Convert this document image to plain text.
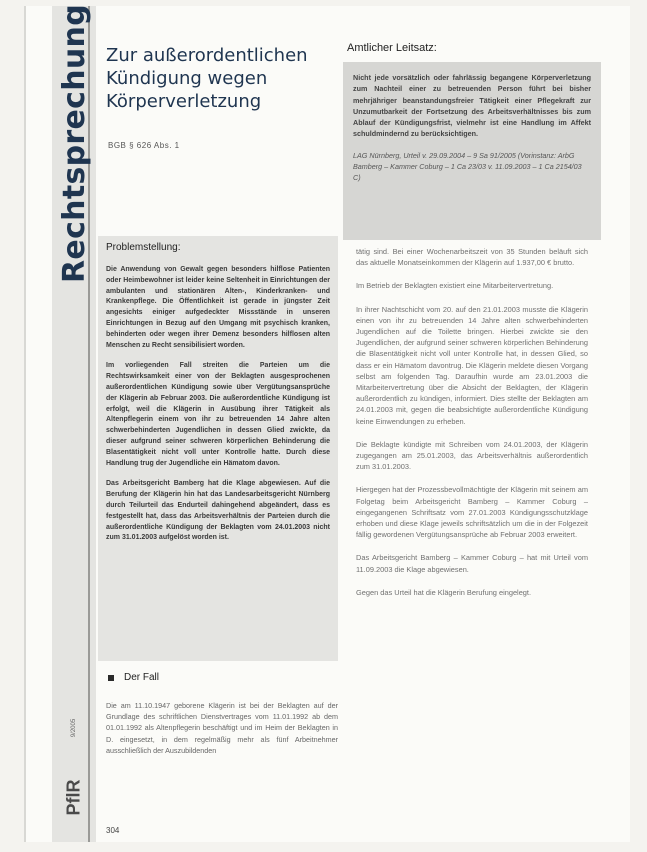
Rechtsprechung
9/2005
PflR
Zur außerordentlichen Kündigung wegen Körperverletzung
BGB § 626 Abs. 1
Amtlicher Leitsatz:

Nicht jede vorsätzlich oder fahrlässig begangene Körperverletzung zum Nachteil einer zu betreuenden Person führt bei bisher mehrjähriger beanstandungsfreier Tätigkeit einer Pflegekraft zur Unzumutbarkeit der Fortsetzung des Arbeitsverhältnisses bis zum Ablauf der Kündigungsfrist, vielmehr ist eine Handlung im Affekt schuldmindernd zu berücksichtigen.

LAG Nürnberg, Urteil v. 29.09.2004 – 9 Sa 91/2005 (Vorinstanz: ArbG Bamberg – Kammer Coburg – 1 Ca 23/03 v. 11.09.2003 – 1 Ca 2154/03 C)

Problemstellung:

Die Anwendung von Gewalt gegen besonders hilflose Patienten oder Heimbewohner ist leider keine Seltenheit in Einrichtungen der ambulanten und stationären Alten-, Kinderkranken- und Krankenpflege. Die Öffentlichkeit ist gerade in jüngster Zeit angesichts einiger aufgedeckter Missstände in unseren Einrichtungen in Bezug auf den Umgang mit psychisch kranken, behinderten oder wegen ihrer Demenz besonders hilflosen alten Menschen zu Recht sensibilisiert worden.

Im vorliegenden Fall streiten die Parteien um die Rechtswirksamkeit einer von der Beklagten ausgesprochenen außerordentlichen Kündigung sowie über Vergütungsansprüche der Klägerin ab Februar 2003. Die außerordentliche Kündigung ist erfolgt, weil die Klägerin in Ausübung ihrer Tätigkeit als Altenpflegerin einem von ihr zu betreuenden 14 Jahre alten schwerbehinderten Jugendlichen in dessen Glied zwickte, da dieser aufgrund seiner schweren körperlichen Behinderung die Blasentätigkeit nicht voll unter Kontrolle hatte. Durch diese Handlung trug der Jugendliche ein Hämatom davon.

Das Arbeitsgericht Bamberg hat die Klage abgewiesen. Auf die Berufung der Klägerin hin hat das Landesarbeitsgericht Nürnberg durch Teilurteil das Endurteil dahingehend abgeändert, dass es festgestellt hat, dass das Arbeitsverhältnis der Parteien durch die außerordentliche Kündigung der Beklagten vom 24.01.2003 nicht zum 31.01.2003 aufgelöst worden ist.

Der Fall

Die am 11.10.1947 geborene Klägerin ist bei der Beklagten auf der Grundlage des schriftlichen Dienstvertrages vom 11.01.1992 ab dem 01.01.1992 als Altenpflegerin beschäftigt und im Heim der Beklagten in D. eingesetzt, in dem regelmäßig mehr als fünf Arbeitnehmer ausschließlich der Auszubildenden

tätig sind. Bei einer Wochenarbeitszeit von 35 Stunden beläuft sich das aktuelle Monatseinkommen der Klägerin auf 1.937,00 € brutto.

Im Betrieb der Beklagten existiert eine Mitarbeitervertretung.

In ihrer Nachtschicht vom 20. auf den 21.01.2003 musste die Klägerin einen von ihr zu betreuenden 14 Jahre alten schwerbehinderten Jugendlichen auf die Toilette bringen. Hierbei zwickte sie den Jugendlichen, der aufgrund seiner schweren körperlichen Behinderung die Blasentätigkeit nicht voll unter Kontrolle hat, in dessen Glied, so dass er ein Hämatom davontrug. Die Klägerin meldete diesen Vorgang selbst am folgenden Tag. Daraufhin wurde am 23.01.2003 die Mitarbeitervertretung über die Absicht der Beklagten, der Klägerin außerordentlich zu kündigen, informiert. Dies stellte der Beklagten am 24.01.2003 mit, gegen die beabsichtigte außerordentliche Kündigung keine Einwendungen zu erheben.

Die Beklagte kündigte mit Schreiben vom 24.01.2003, der Klägerin zugegangen am 25.01.2003, das Arbeitsverhältnis außerordentlich zum 31.01.2003.

Hiergegen hat der Prozessbevollmächtigte der Klägerin mit seinem am Folgetag beim Arbeitsgericht Bamberg – Kammer Coburg – eingegangenen Schriftsatz vom 27.01.2003 Kündigungsschutzklage erhoben und diese Klage jeweils schriftsätzlich um die in der Folgezeit fällig gewordenen Vergütungsansprüche ab Februar 2003 erweitert.

Das Arbeitsgericht Bamberg – Kammer Coburg – hat mit Urteil vom 11.09.2003 die Klage abgewiesen.

Gegen das Urteil hat die Klägerin Berufung eingelegt.

304
